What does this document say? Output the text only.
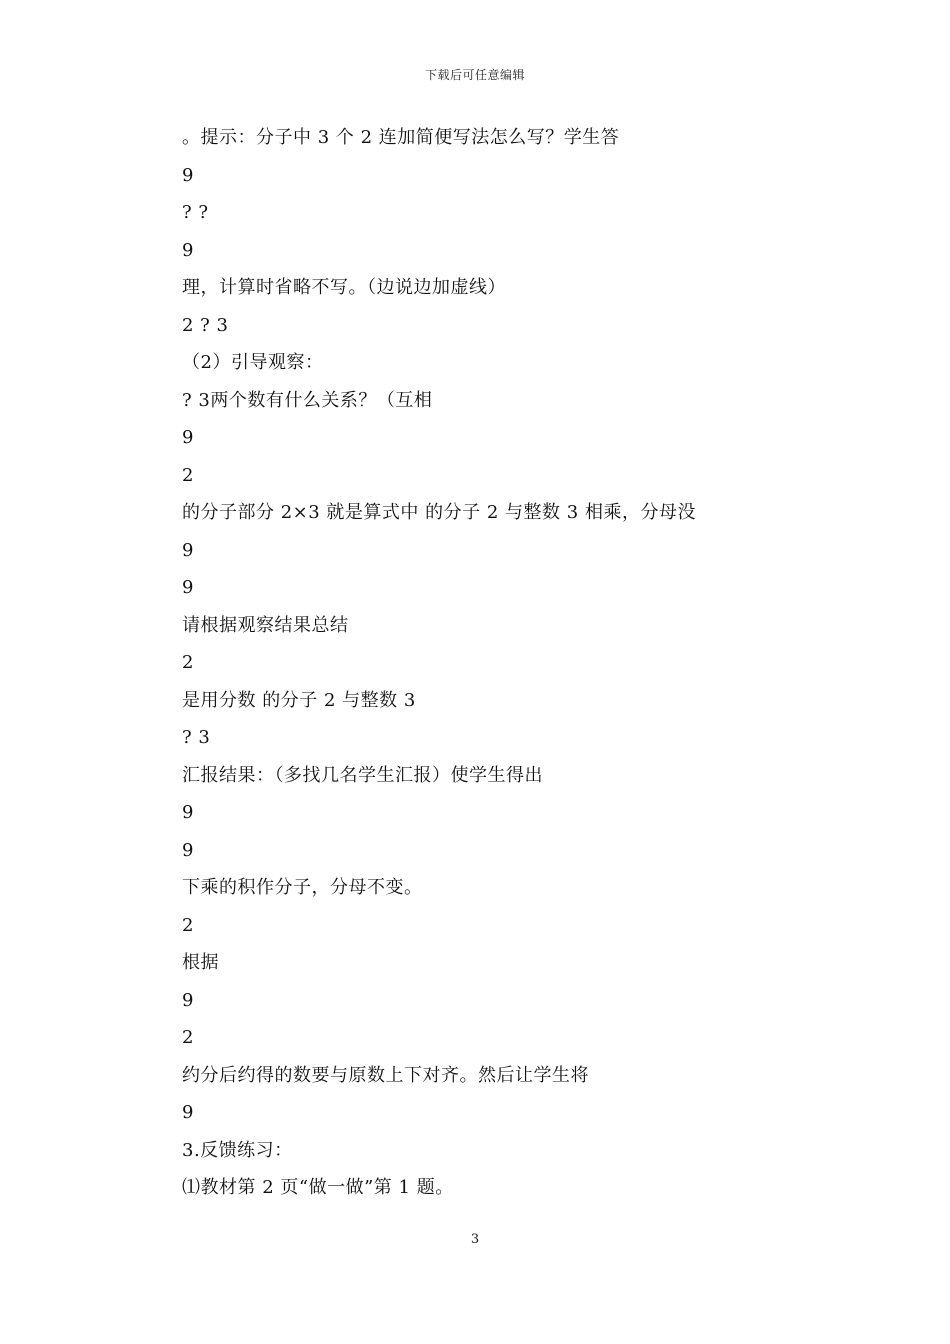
下载后可任意编辑
。提示：分子中 3 个 2 连加简便写法怎么写？学生答
9
? ?
9
理，计算时省略不写。（边说边加虚线）
2 ? 3
（2）引导观察：
? 3两个数有什么关系？（互相
9
2
的分子部分 2×3 就是算式中 的分子 2 与整数 3 相乘，分母没
9
9
请根据观察结果总结
2
是用分数 的分子 2 与整数 3
? 3
汇报结果：（多找几名学生汇报）使学生得出
9
9
下乘的积作分子，分母不变。
2
根据
9
2
约分后约得的数要与原数上下对齐。然后让学生将
9
3.反馈练习：
⑴教材第 2 页“做一做”第 1 题。
3
